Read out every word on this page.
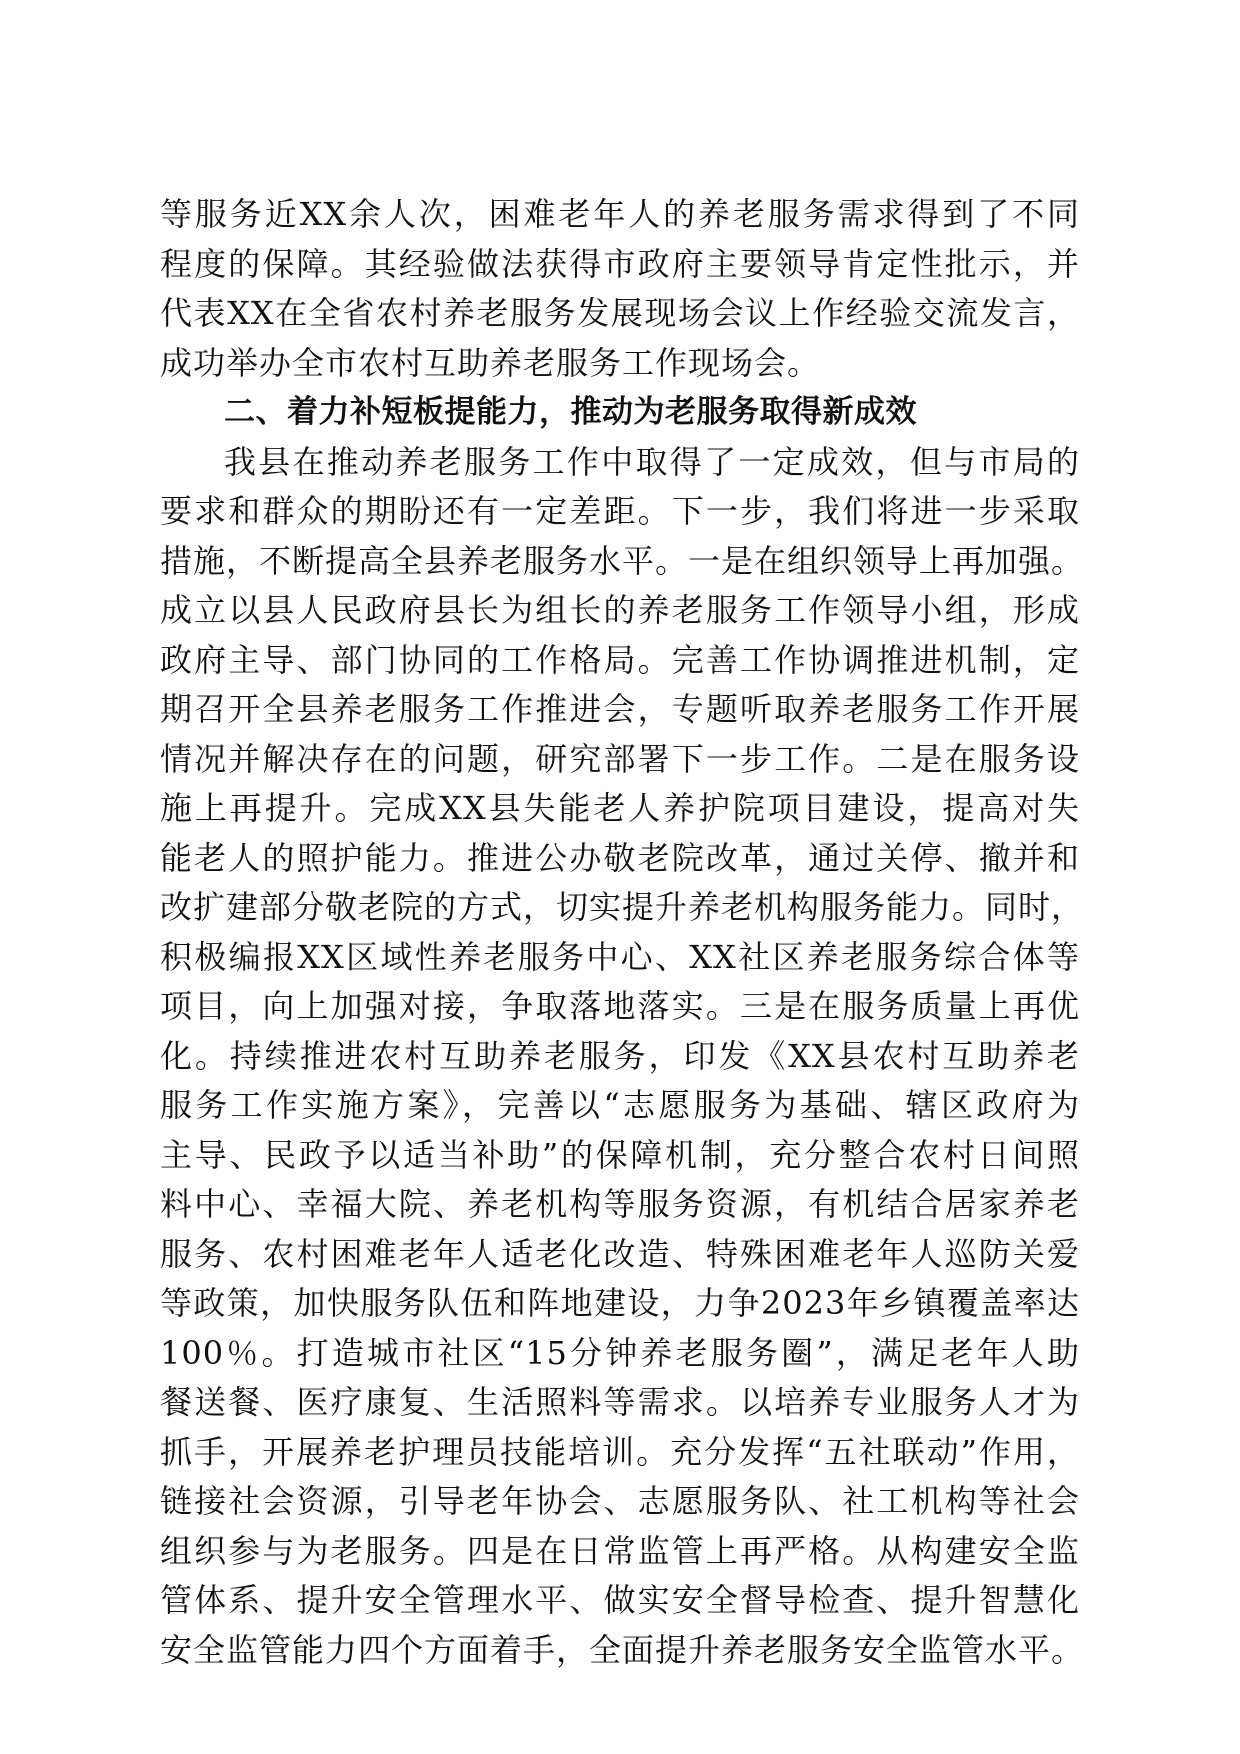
等服务近XX余人次，困难老年人的养老服务需求得到了不同
程度的保障。其经验做法获得市政府主要领导肯定性批示，并
代表XX在全省农村养老服务发展现场会议上作经验交流发言，
成功举办全市农村互助养老服务工作现场会。
二、着力补短板提能力，推动为老服务取得新成效
我县在推动养老服务工作中取得了一定成效，但与市局的
要求和群众的期盼还有一定差距。下一步，我们将进一步采取
措施，不断提高全县养老服务水平。一是在组织领导上再加强。
成立以县人民政府县长为组长的养老服务工作领导小组，形成
政府主导、部门协同的工作格局。完善工作协调推进机制，定
期召开全县养老服务工作推进会，专题听取养老服务工作开展
情况并解决存在的问题，研究部署下一步工作。二是在服务设
施上再提升。完成XX县失能老人养护院项目建设，提高对失
能老人的照护能力。推进公办敬老院改革，通过关停、撤并和
改扩建部分敬老院的方式，切实提升养老机构服务能力。同时，
积极编报XX区域性养老服务中心、XX社区养老服务综合体等
项目，向上加强对接，争取落地落实。三是在服务质量上再优
化。持续推进农村互助养老服务，印发《XX县农村互助养老
服务工作实施方案》，完善以“志愿服务为基础、辖区政府为
主导、民政予以适当补助”的保障机制，充分整合农村日间照
料中心、幸福大院、养老机构等服务资源，有机结合居家养老
服务、农村困难老年人适老化改造、特殊困难老年人巡防关爱
等政策，加快服务队伍和阵地建设，力争2023年乡镇覆盖率达
100％。打造城市社区“15分钟养老服务圈”，满足老年人助
餐送餐、医疗康复、生活照料等需求。以培养专业服务人才为
抓手，开展养老护理员技能培训。充分发挥“五社联动”作用，
链接社会资源，引导老年协会、志愿服务队、社工机构等社会
组织参与为老服务。四是在日常监管上再严格。从构建安全监
管体系、提升安全管理水平、做实安全督导检查、提升智慧化
安全监管能力四个方面着手，全面提升养老服务安全监管水平。
